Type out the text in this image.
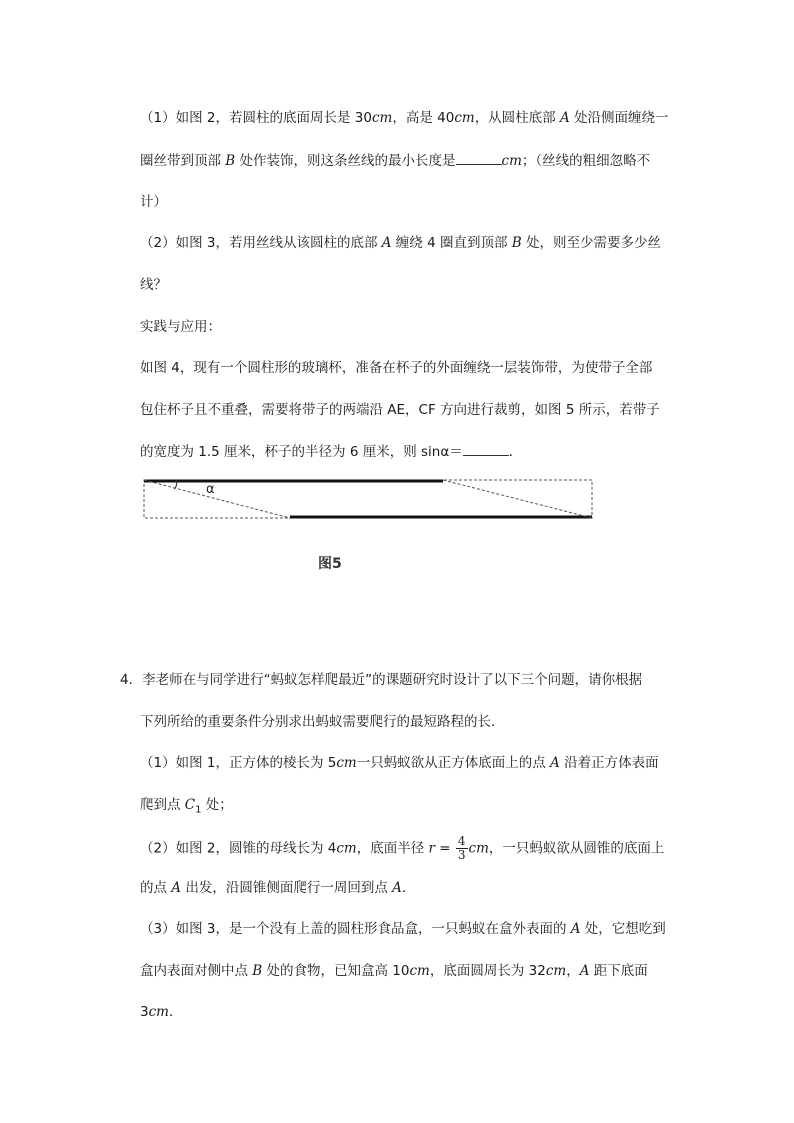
（1）如图 2，若圆柱的底面周长是 30cm，高是 40cm，从圆柱底部 A 处沿侧面缠绕一
圈丝带到顶部 B 处作装饰，则这条丝线的最小长度是	cm；（丝线的粗细忽略不
计）
（2）如图 3，若用丝线从该圆柱的底部 A 缠绕 4 圈直到顶部 B 处，则至少需要多少丝
线？
实践与应用：
如图 4，现有一个圆柱形的玻璃杯，准备在杯子的外面缠绕一层装饰带，为使带子全部
包住杯子且不重叠，需要将带子的两端沿 AE，CF 方向进行裁剪，如图 5 所示，若带子
的宽度为 1.5 厘米，杯子的半径为 6 厘米，则 sinα＝	．
α
图5
4．李老师在与同学进行“蚂蚁怎样爬最近”的课题研究时设计了以下三个问题，请你根据
下列所给的重要条件分别求出蚂蚁需要爬行的最短路程的长．
（1）如图 1，正方体的棱长为 5cm一只蚂蚁欲从正方体底面上的点 A 沿着正方体表面
爬到点 $C_1$ 处；
（2）如图 2，圆锥的母线长为 4cm，底面半径 $r = \frac{4}{3}$ cm，一只蚂蚁欲从圆锥的底面上
的点 A 出发，沿圆锥侧面爬行一周回到点 A．
（3）如图 3，是一个没有上盖的圆柱形食品盒，一只蚂蚁在盒外表面的 A 处，它想吃到
盒内表面对侧中点 B 处的食物，已知盒高 10cm，底面圆周长为 32cm，A 距下底面
3cm．
